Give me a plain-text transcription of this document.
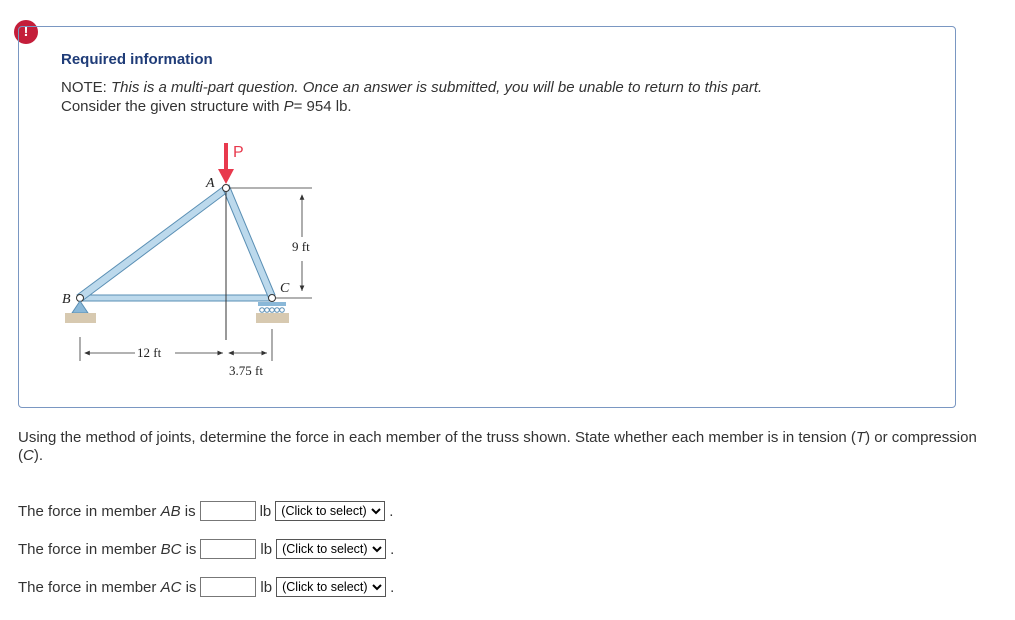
!
Required information
NOTE: This is a multi-part question. Once an answer is submitted, you will be unable to return to this part.
Consider the given structure with P= 954 lb.
P
A
B
C
9 ft
12 ft
3.75 ft
Using the method of joints, determine the force in each member of the truss shown. State whether each member is in tension (T) or compression (C).
The force in member AB is	lb
(Click to select)	.
The force in member BC is	lb
(Click to select)	.
The force in member AC is	lb
(Click to select)	.
